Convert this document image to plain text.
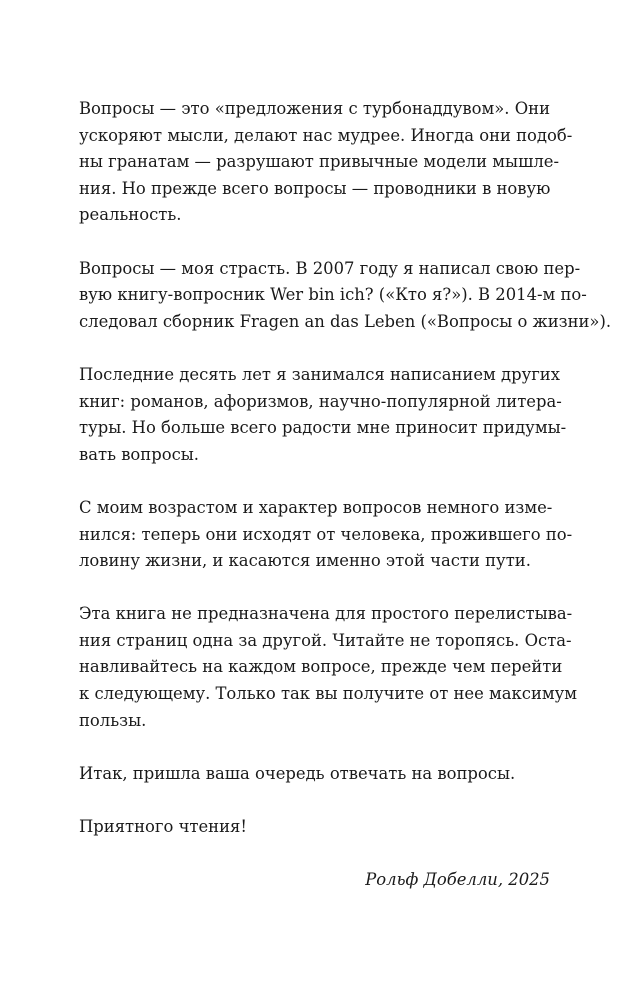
Вопросы — это «предложения с турбонаддувом». Они
ускоряют мысли, делают нас мудрее. Иногда они подоб-
ны гранатам — разрушают привычные модели мышле-
ния. Но прежде всего вопросы — проводники в новую
реальность.

Вопросы — моя страсть. В 2007 году я написал свою пер-
вую книгу-вопросник Wer bin ich? («Кто я?»). В 2014-м по-
следовал сборник Fragen an das Leben («Вопросы о жизни»).

Последние десять лет я занимался написанием других
книг: романов, афоризмов, научно-популярной литера-
туры. Но больше всего радости мне приносит придумы-
вать вопросы.

С моим возрастом и характер вопросов немного изме-
нился: теперь они исходят от человека, прожившего по-
ловину жизни, и касаются именно этой части пути.

Эта книга не предназначена для простого перелистыва-
ния страниц одна за другой. Читайте не торопясь. Оста-
навливайтесь на каждом вопросе, прежде чем перейти
к следующему. Только так вы получите от нее максимум
пользы.

Итак, пришла ваша очередь отвечать на вопросы.

Приятного чтения!

Рольф Добелли, 2025
